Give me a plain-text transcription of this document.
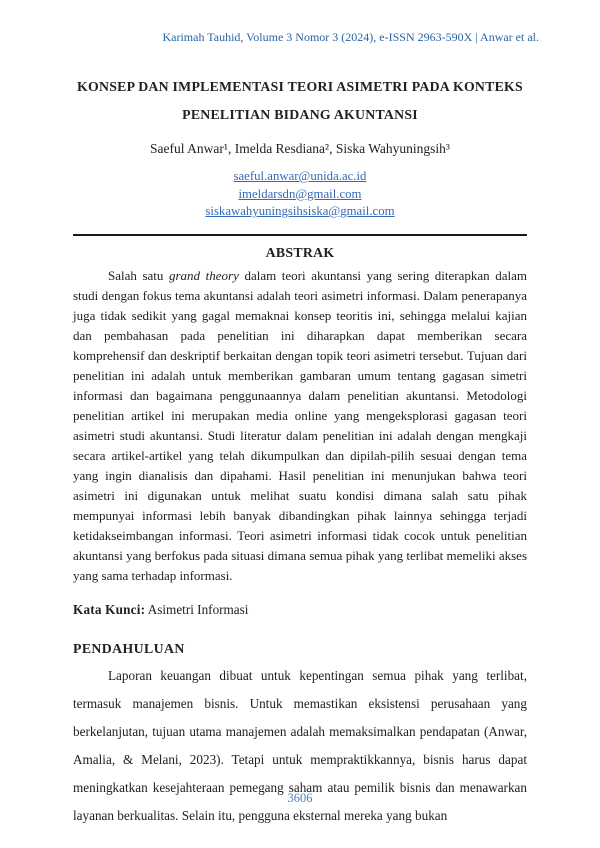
Karimah Tauhid, Volume 3 Nomor 3 (2024), e-ISSN 2963-590X | Anwar et al.
KONSEP DAN IMPLEMENTASI TEORI ASIMETRI PADA KONTEKS
PENELITIAN BIDANG AKUNTANSI
Saeful Anwar¹, Imelda Resdiana², Siska Wahyuningsih³
saeful.anwar@unida.ac.id
imeldarsdn@gmail.com
siskawahyuningsihsiska@gmail.com
ABSTRAK

Salah satu grand theory dalam teori akuntansi yang sering diterapkan dalam studi dengan fokus tema akuntansi adalah teori asimetri informasi. Dalam penerapanya juga tidak sedikit yang gagal memaknai konsep teoritis ini, sehingga melalui kajian dan pembahasan pada penelitian ini diharapkan dapat memberikan secara komprehensif dan deskriptif berkaitan dengan topik teori asimetri tersebut. Tujuan dari penelitian ini adalah untuk memberikan gambaran umum tentang gagasan simetri informasi dan bagaimana penggunaannya dalam penelitian akuntansi. Metodologi penelitian artikel ini merupakan media online yang mengeksplorasi gagasan teori asimetri studi akuntansi. Studi literatur dalam penelitian ini adalah dengan mengkaji secara artikel-artikel yang telah dikumpulkan dan dipilah-pilih sesuai dengan tema yang ingin dianalisis dan dipahami. Hasil penelitian ini menunjukan bahwa teori asimetri ini digunakan untuk melihat suatu kondisi dimana salah satu pihak mempunyai informasi lebih banyak dibandingkan pihak lainnya sehingga terjadi ketidakseimbangan informasi. Teori asimetri informasi tidak cocok untuk penelitian akuntansi yang berfokus pada situasi dimana semua pihak yang terlibat memeliki akses yang sama terhadap informasi.

Kata Kunci: Asimetri Informasi

PENDAHULUAN

Laporan keuangan dibuat untuk kepentingan semua pihak yang terlibat, termasuk manajemen bisnis. Untuk memastikan eksistensi perusahaan yang berkelanjutan, tujuan utama manajemen adalah memaksimalkan pendapatan (Anwar, Amalia, & Melani, 2023). Tetapi untuk mempraktikkannya, bisnis harus dapat meningkatkan kesejahteraan pemegang saham atau pemilik bisnis dan menawarkan layanan berkualitas. Selain itu, pengguna eksternal mereka yang bukan

3606
